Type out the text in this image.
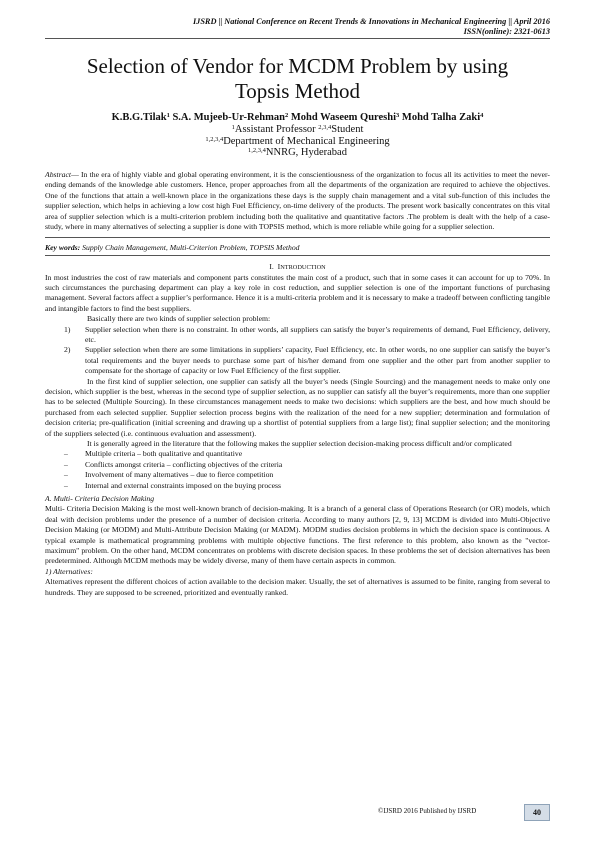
IJSRD || National Conference on Recent Trends & Innovations in Mechanical Engineering || April 2016
ISSN(online): 2321-0613
Selection of Vendor for MCDM Problem by using
Topsis Method
K.B.G.Tilak$^1$ S.A. Mujeeb-Ur-Rehman$^2$ Mohd Waseem Qureshi$^3$ Mohd Talha Zaki$^4$
$^1$Assistant Professor $^{2,3,4}$Student
$^{1,2,3,4}$Department of Mechanical Engineering
$^{1,2,3,4}$NNRG, Hyderabad
Abstract— In the era of highly viable and global operating environment, it is the conscientiousness of the organization to focus all its activities to meet the never-ending demands of the knowledge able customers. Hence, proper approaches from all the departments of the organization are required to achieve the objectives. One of the functions that attain a well-known place in the organizations these days is the supply chain management and a vital sub-function of this includes the supplier selection, which helps in achieving a low cost high Fuel Efficiency, on-time delivery of the products. The present work basically concentrates on this vital area of supplier selection which is a multi-criterion problem including both the qualitative and quantitative factors .The problem is dealt with the help of a case-study, where in many alternatives of selecting a supplier is done with TOPSIS method, which is more reliable while going for a supplier selection.
Key words: Supply Chain Management, Multi-Criterion Problem, TOPSIS Method
I. INTRODUCTION

In most industries the cost of raw materials and component parts constitutes the main cost of a product, such that in some cases it can account for up to 70%. In such circumstances the purchasing department can play a key role in cost reduction, and supplier selection is one of the important functions of purchasing management. Several factors affect a supplier’s performance. Hence it is a multi-criteria problem and it is necessary to make a tradeoff between conflicting tangible and intangible factors to find the best suppliers.

Basically there are two kinds of supplier selection problem:

1) Supplier selection when there is no constraint. In other words, all suppliers can satisfy the buyer’s requirements of demand, Fuel Efficiency, delivery, etc.
2) Supplier selection when there are some limitations in suppliers’ capacity, Fuel Efficiency, etc. In other words, no one supplier can satisfy the buyer’s total requirements and the buyer needs to purchase some part of his/her demand from one supplier and the other part from another supplier to compensate for the shortage of capacity or low Fuel Efficiency of the first supplier.

In the first kind of supplier selection, one supplier can satisfy all the buyer’s needs (Single Sourcing) and the management needs to make only one decision, which supplier is the best, whereas in the second type of supplier selection, as no supplier can satisfy all the buyer’s requirements, more than one supplier has to be selected (Multiple Sourcing). In these circumstances management needs to make two decisions: which suppliers are the best, and how much should be purchased from each selected supplier. Supplier selection process begins with the realization of the need for a new supplier; determination and formulation of decision criteria; pre-qualification (initial screening and drawing up a shortlist of potential suppliers from a large list); final supplier selection; and the monitoring of the suppliers selected (i.e. continuous evaluation and assessment).

It is generally agreed in the literature that the following makes the supplier selection decision-making process difficult and/or complicated

– Multiple criteria – both qualitative and quantitative
– Conflicts amongst criteria – conflicting objectives of the criteria
– Involvement of many alternatives – due to fierce competition
– Internal and external constraints imposed on the buying process
A. Multi- Criteria Decision Making

Multi- Criteria Decision Making is the most well-known branch of decision-making. It is a branch of a general class of Operations Research (or OR) models, which deal with decision problems under the presence of a number of decision criteria. According to many authors [2, 9, 13] MCDM is divided into Multi-Objective Decision Making (or MODM) and Multi-Attribute Decision Making (or MADM). MODM studies decision problems in which the decision space is continuous. A typical example is mathematical programming problems with multiple objective functions. The first reference to this problem, also known as the "vector-maximum" problem. On the other hand, MCDM concentrates on problems with discrete decision spaces. In these problems the set of decision alternatives has been predetermined. Although MCDM methods may be widely diverse, many of them have certain aspects in common.

1) Alternatives:

Alternatives represent the different choices of action available to the decision maker. Usually, the set of alternatives is assumed to be finite, ranging from several to hundreds. They are supposed to be screened, prioritized and eventually ranked.

©IJSRD 2016 Published by IJSRD	40
